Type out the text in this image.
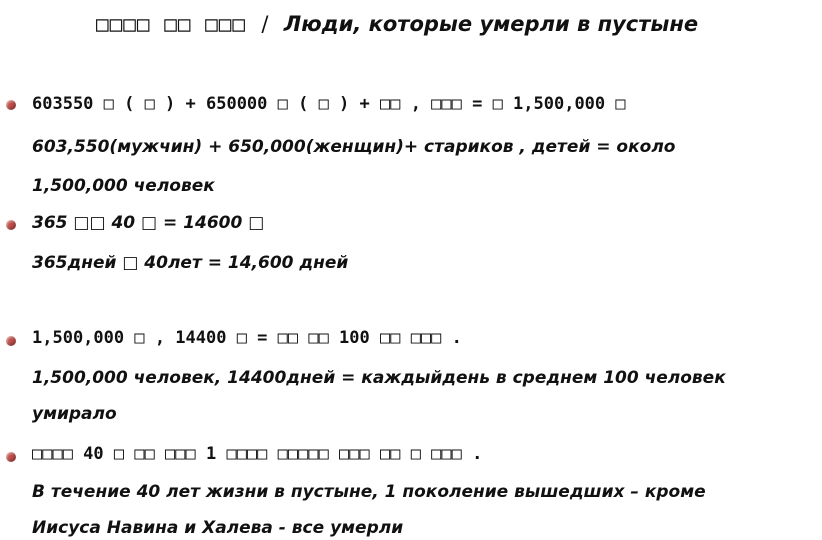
□□□□ □□ □□□ / Люди, которые умерли в пустыне
603550 □ ( □ ) + 650000 □ ( □ ) + □□ , □□□ = □ 1,500,000 □
603,550(мужчин) + 650,000(женщин)+ стариков , детей = около
1,500,000 человек
365 □□ 40 □ = 14600 □
365дней □ 40лет = 14,600 дней
1,500,000 □ , 14400 □ = □□ □□ 100 □□ □□□ .
1,500,000 человек, 14400дней = каждыйдень в среднем 100 человек
умирало
□□□□ 40 □ □□ □□□ 1 □□□□ □□□□□ □□□ □□ □ □□□ .
В течение 40 лет жизни в пустыне, 1 поколение вышедших – кроме
Иисуса Навина и Халева - все умерли
